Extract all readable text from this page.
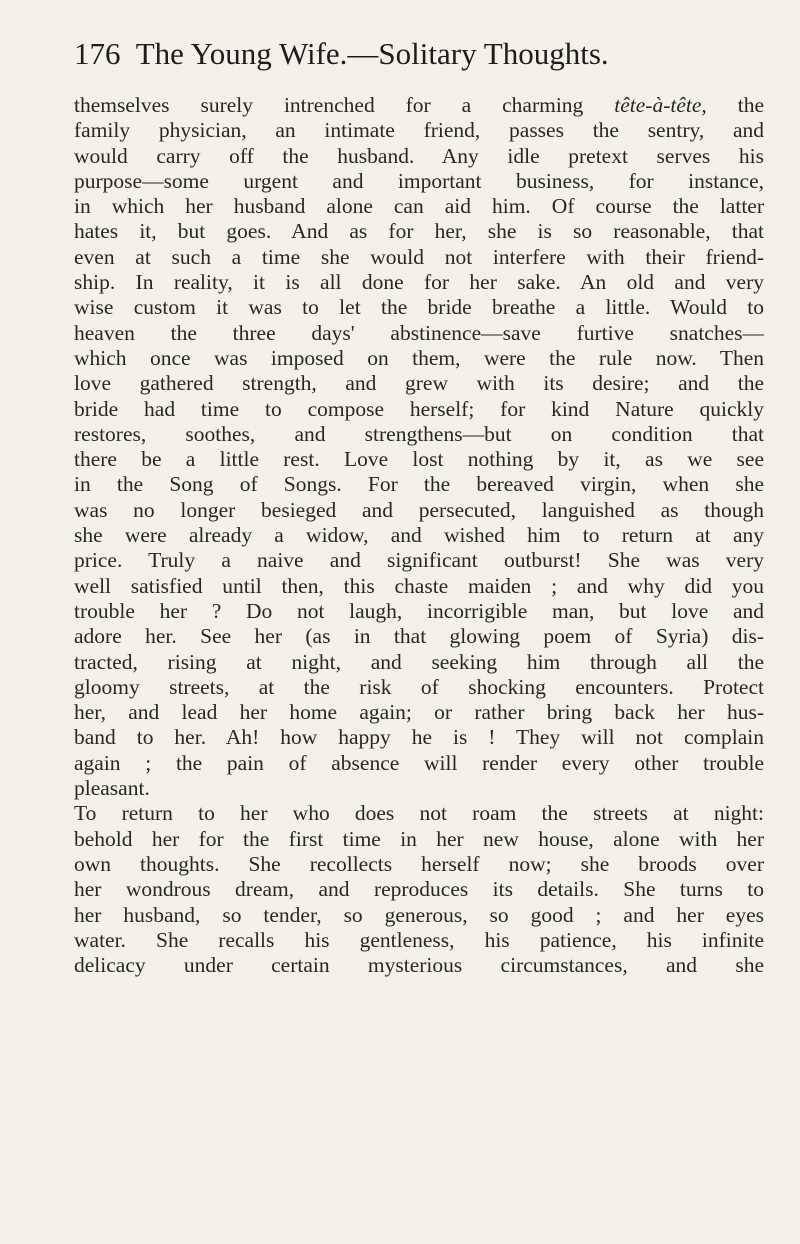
176 The Young Wife.—Solitary Thoughts.
themselves surely intrenched for a charming tête-à-tête, the
family physician, an intimate friend, passes the sentry, and
would carry off the husband. Any idle pretext serves his
purpose—some urgent and important business, for instance,
in which her husband alone can aid him. Of course the latter
hates it, but goes. And as for her, she is so reasonable, that
even at such a time she would not interfere with their friend-
ship. In reality, it is all done for her sake. An old and very
wise custom it was to let the bride breathe a little. Would to
heaven the three days' abstinence—save furtive snatches—
which once was imposed on them, were the rule now. Then
love gathered strength, and grew with its desire; and the
bride had time to compose herself; for kind Nature quickly
restores, soothes, and strengthens—but on condition that
there be a little rest. Love lost nothing by it, as we see
in the Song of Songs. For the bereaved virgin, when she
was no longer besieged and persecuted, languished as though
she were already a widow, and wished him to return at any
price. Truly a naive and significant outburst! She was very
well satisfied until then, this chaste maiden ; and why did you
trouble her ? Do not laugh, incorrigible man, but love and
adore her. See her (as in that glowing poem of Syria) dis-
tracted, rising at night, and seeking him through all the
gloomy streets, at the risk of shocking encounters. Protect
her, and lead her home again; or rather bring back her hus-
band to her. Ah! how happy he is ! They will not complain
again ; the pain of absence will render every other trouble
pleasant.
To return to her who does not roam the streets at night:
behold her for the first time in her new house, alone with her
own thoughts. She recollects herself now; she broods over
her wondrous dream, and reproduces its details. She turns to
her husband, so tender, so generous, so good ; and her eyes
water. She recalls his gentleness, his patience, his infinite
delicacy under certain mysterious circumstances, and she
